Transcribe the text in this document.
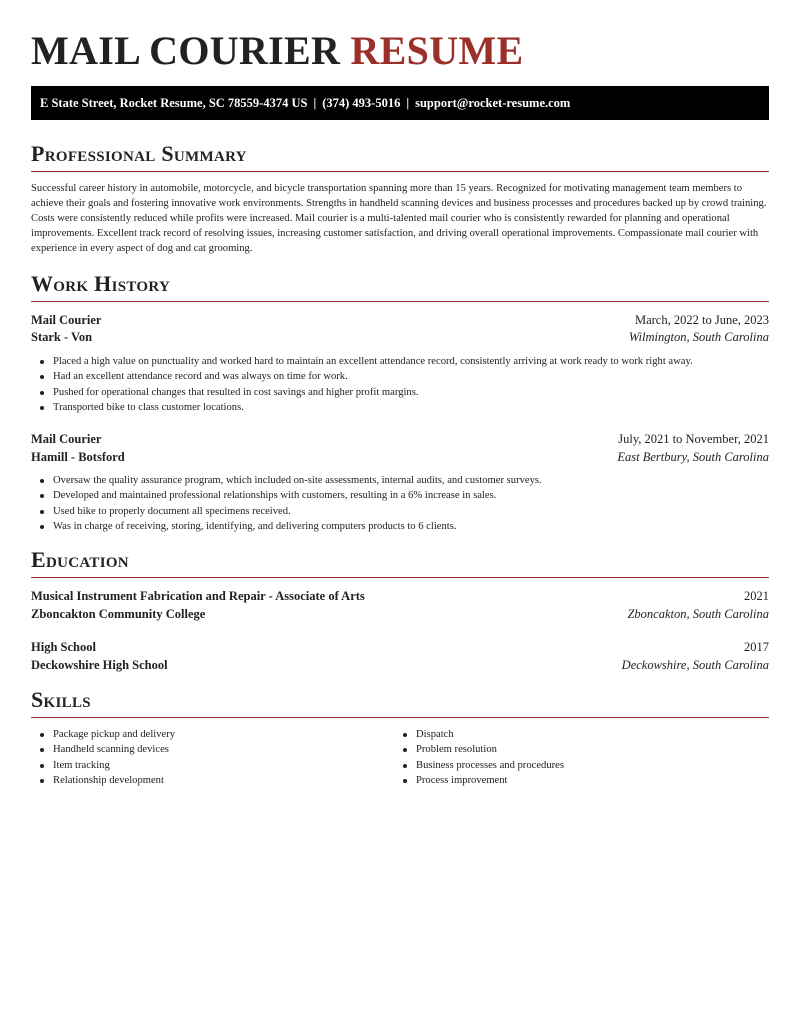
MAIL COURIER RESUME
E State Street, Rocket Resume, SC 78559-4374 US | (374) 493-5016 | support@rocket-resume.com
Professional Summary

Successful career history in automobile, motorcycle, and bicycle transportation spanning more than 15 years. Recognized for motivating management team members to achieve their goals and fostering innovative work environments. Strengths in handheld scanning devices and business processes and procedures backed up by crowd training. Costs were consistently reduced while profits were increased. Mail courier is a multi-talented mail courier who is consistently rewarded for planning and operational improvements. Excellent track record of resolving issues, increasing customer satisfaction, and driving overall operational improvements. Compassionate mail courier with experience in every aspect of dog and cat grooming.

Work History
Mail Courier	March, 2022 to June, 2023
Stark - Von	Wilmington, South Carolina
Placed a high value on punctuality and worked hard to maintain an excellent attendance record, consistently arriving at work ready to work right away.
Had an excellent attendance record and was always on time for work.
Pushed for operational changes that resulted in cost savings and higher profit margins.
Transported bike to class customer locations.
Mail Courier	July, 2021 to November, 2021
Hamill - Botsford	East Bertbury, South Carolina
Oversaw the quality assurance program, which included on-site assessments, internal audits, and customer surveys.
Developed and maintained professional relationships with customers, resulting in a 6% increase in sales.
Used bike to properly document all specimens received.
Was in charge of receiving, storing, identifying, and delivering computers products to 6 clients.
Education
Musical Instrument Fabrication and Repair - Associate of Arts	2021
Zboncakton Community College	Zboncakton, South Carolina
High School	2017
Deckowshire High School	Deckowshire, South Carolina
Skills
Package pickup and delivery
Handheld scanning devices
Item tracking
Relationship development
Dispatch
Problem resolution
Business processes and procedures
Process improvement
